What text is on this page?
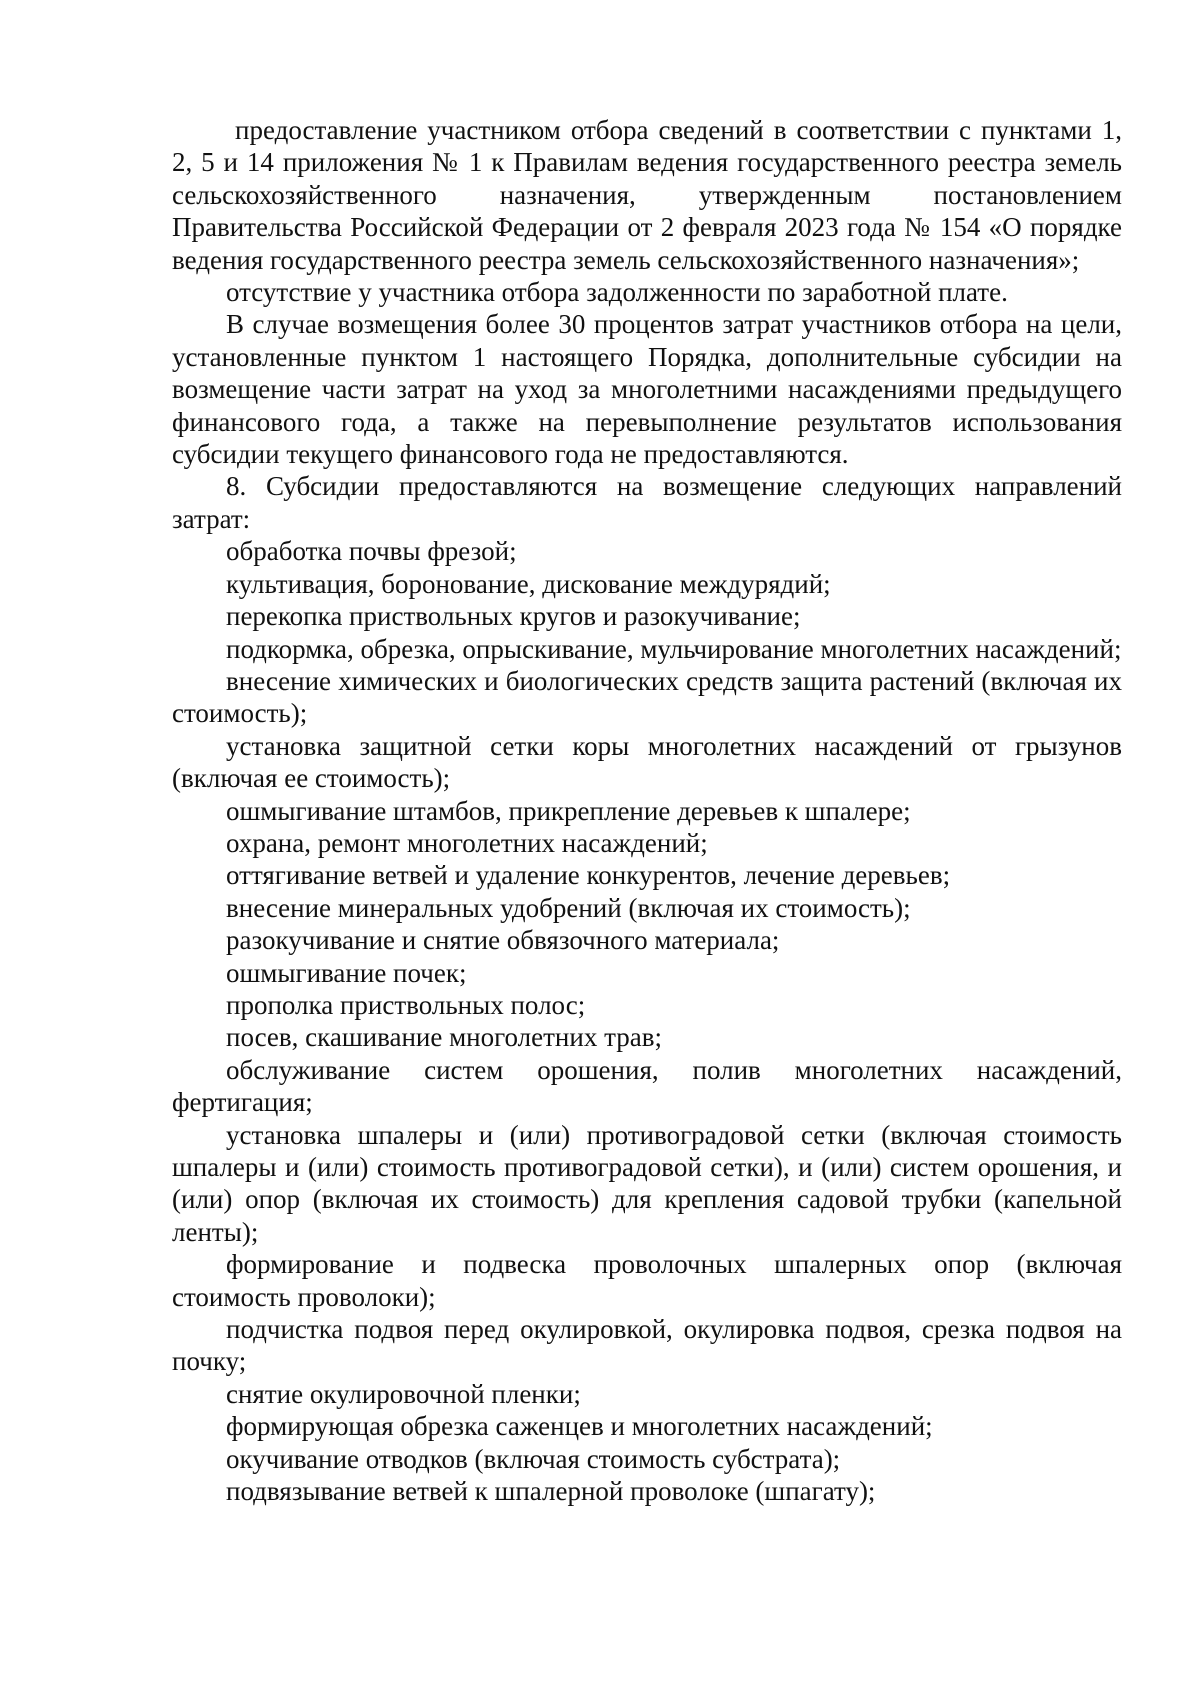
предоставление участником отбора сведений в соответствии с пунктами 1, 2, 5 и 14 приложения № 1 к Правилам ведения государственного реестра земель сельскохозяйственного назначения, утвержденным постановлением Правительства Российской Федерации от 2 февраля 2023 года № 154 «О порядке ведения государственного реестра земель сельскохозяйственного назначения»;

отсутствие у участника отбора задолженности по заработной плате.

В случае возмещения более 30 процентов затрат участников отбора на цели, установленные пунктом 1 настоящего Порядка, дополнительные субсидии на возмещение части затрат на уход за многолетними насаждениями предыдущего финансового года, а также на перевыполнение результатов использования субсидии текущего финансового года не предоставляются.

8. Субсидии предоставляются на возмещение следующих направлений затрат:

обработка почвы фрезой;

культивация, боронование, дискование междурядий;

перекопка приствольных кругов и разокучивание;

подкормка, обрезка, опрыскивание, мульчирование многолетних насаждений;

внесение химических и биологических средств защита растений (включая их стоимость);

установка защитной сетки коры многолетних насаждений от грызунов (включая ее стоимость);

ошмыгивание штамбов, прикрепление деревьев к шпалере;

охрана, ремонт многолетних насаждений;

оттягивание ветвей и удаление конкурентов, лечение деревьев;

внесение минеральных удобрений (включая их стоимость);

разокучивание и снятие обвязочного материала;

ошмыгивание почек;

прополка приствольных полос;

посев, скашивание многолетних трав;

обслуживание систем орошения, полив многолетних насаждений, фертигация;

установка шпалеры и (или) противоградовой сетки (включая стоимость шпалеры и (или) стоимость противоградовой сетки), и (или) систем орошения, и (или) опор (включая их стоимость) для крепления садовой трубки (капельной ленты);

формирование и подвеска проволочных шпалерных опор (включая стоимость проволоки);

подчистка подвоя перед окулировкой, окулировка подвоя, срезка подвоя на почку;

снятие окулировочной пленки;

формирующая обрезка саженцев и многолетних насаждений;

окучивание отводков (включая стоимость субстрата);

подвязывание ветвей к шпалерной проволоке (шпагату);
